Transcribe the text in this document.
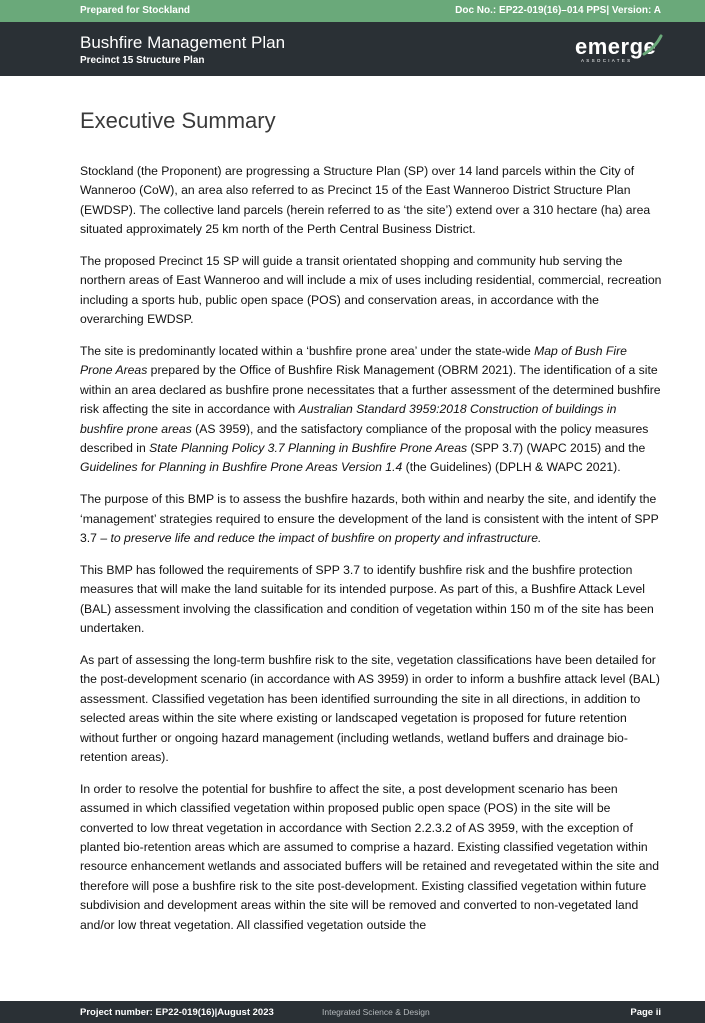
Prepared for Stockland	Doc No.: EP22-019(16)–014 PPS| Version: A
Bushfire Management Plan
Precinct 15 Structure Plan
emerge
ASSOCIATES
Executive Summary

Stockland (the Proponent) are progressing a Structure Plan (SP) over 14 land parcels within the City of Wanneroo (CoW), an area also referred to as Precinct 15 of the East Wanneroo District Structure Plan (EWDSP). The collective land parcels (herein referred to as ‘the site’) extend over a 310 hectare (ha) area situated approximately 25 km north of the Perth Central Business District.

The proposed Precinct 15 SP will guide a transit orientated shopping and community hub serving the northern areas of East Wanneroo and will include a mix of uses including residential, commercial, recreation including a sports hub, public open space (POS) and conservation areas, in accordance with the overarching EWDSP.

The site is predominantly located within a ‘bushfire prone area’ under the state-wide Map of Bush Fire Prone Areas prepared by the Office of Bushfire Risk Management (OBRM 2021). The identification of a site within an area declared as bushfire prone necessitates that a further assessment of the determined bushfire risk affecting the site in accordance with Australian Standard 3959:2018 Construction of buildings in bushfire prone areas (AS 3959), and the satisfactory compliance of the proposal with the policy measures described in State Planning Policy 3.7 Planning in Bushfire Prone Areas (SPP 3.7) (WAPC 2015) and the Guidelines for Planning in Bushfire Prone Areas Version 1.4 (the Guidelines) (DPLH & WAPC 2021).

The purpose of this BMP is to assess the bushfire hazards, both within and nearby the site, and identify the ‘management’ strategies required to ensure the development of the land is consistent with the intent of SPP 3.7 – to preserve life and reduce the impact of bushfire on property and infrastructure.

This BMP has followed the requirements of SPP 3.7 to identify bushfire risk and the bushfire protection measures that will make the land suitable for its intended purpose. As part of this, a Bushfire Attack Level (BAL) assessment involving the classification and condition of vegetation within 150 m of the site has been undertaken.

As part of assessing the long-term bushfire risk to the site, vegetation classifications have been detailed for the post-development scenario (in accordance with AS 3959) in order to inform a bushfire attack level (BAL) assessment. Classified vegetation has been identified surrounding the site in all directions, in addition to selected areas within the site where existing or landscaped vegetation is proposed for future retention without further or ongoing hazard management (including wetlands, wetland buffers and drainage bio-retention areas).

In order to resolve the potential for bushfire to affect the site, a post development scenario has been assumed in which classified vegetation within proposed public open space (POS) in the site will be converted to low threat vegetation in accordance with Section 2.2.3.2 of AS 3959, with the exception of planted bio-retention areas which are assumed to comprise a hazard. Existing classified vegetation within resource enhancement wetlands and associated buffers will be retained and revegetated within the site and therefore will pose a bushfire risk to the site post-development. Existing classified vegetation within future subdivision and development areas within the site will be removed and converted to non-vegetated land and/or low threat vegetation. All classified vegetation outside the

Project number: EP22-019(16)|August 2023	Integrated Science & Design	Page ii
